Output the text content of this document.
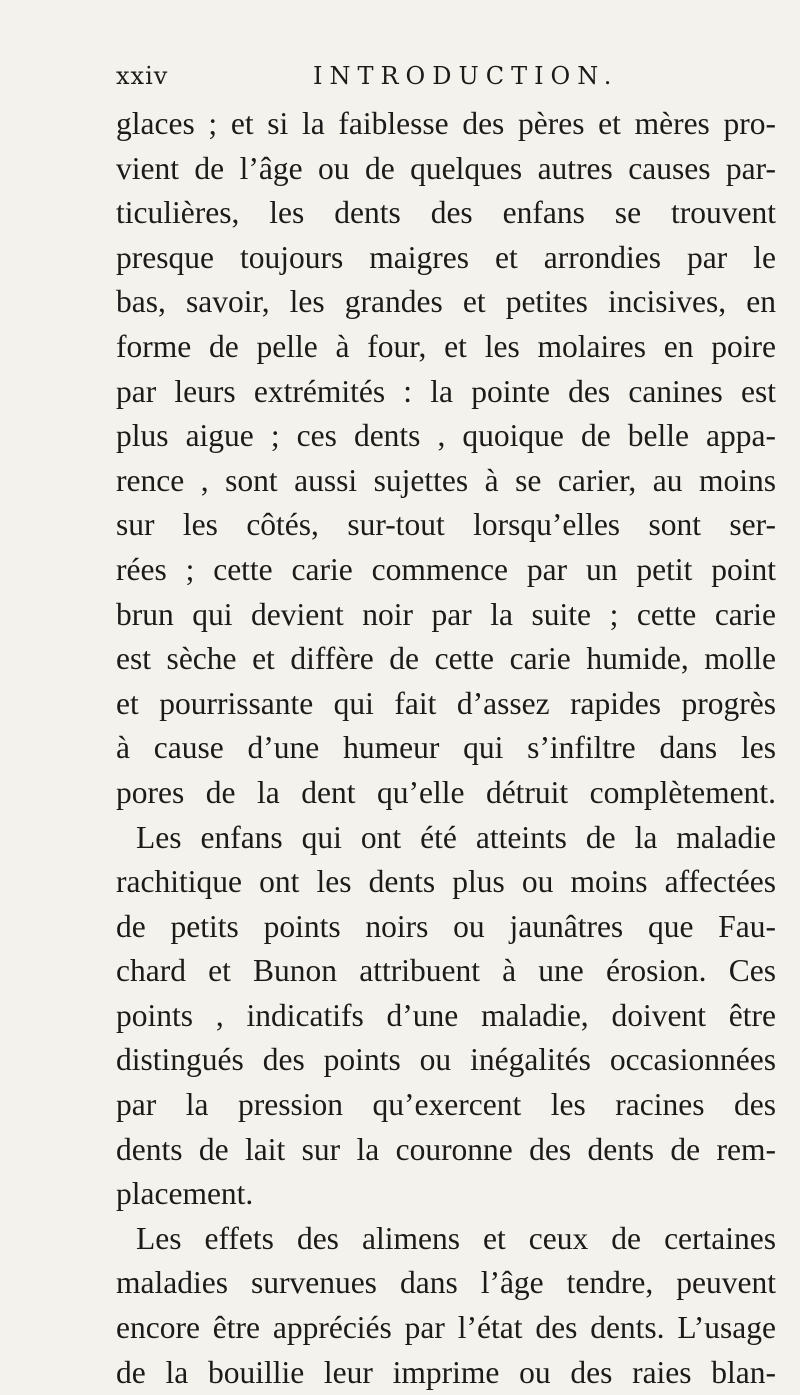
xxiv	INTRODUCTION.
glaces ; et si la faiblesse des pères et mères pro-
vient de l’âge ou de quelques autres causes par-
ticulières, les dents des enfans se trouvent
presque toujours maigres et arrondies par le
bas, savoir, les grandes et petites incisives, en
forme de pelle à four, et les molaires en poire
par leurs extrémités : la pointe des canines est
plus aigue ; ces dents , quoique de belle appa-
rence , sont aussi sujettes à se carier, au moins
sur les côtés, sur-tout lorsqu’elles sont ser-
rées ; cette carie commence par un petit point
brun qui devient noir par la suite ; cette carie
est sèche et diffère de cette carie humide, molle
et pourrissante qui fait d’assez rapides progrès
à cause d’une humeur qui s’infiltre dans les
pores de la dent qu’elle détruit complètement.
Les enfans qui ont été atteints de la maladie
rachitique ont les dents plus ou moins affectées
de petits points noirs ou jaunâtres que Fau-
chard et Bunon attribuent à une érosion. Ces
points , indicatifs d’une maladie, doivent être
distingués des points ou inégalités occasionnées
par la pression qu’exercent les racines des
dents de lait sur la couronne des dents de rem-
placement.
Les effets des alimens et ceux de certaines
maladies survenues dans l’âge tendre, peuvent
encore être appréciés par l’état des dents. L’usage
de la bouillie leur imprime ou des raies blan-
